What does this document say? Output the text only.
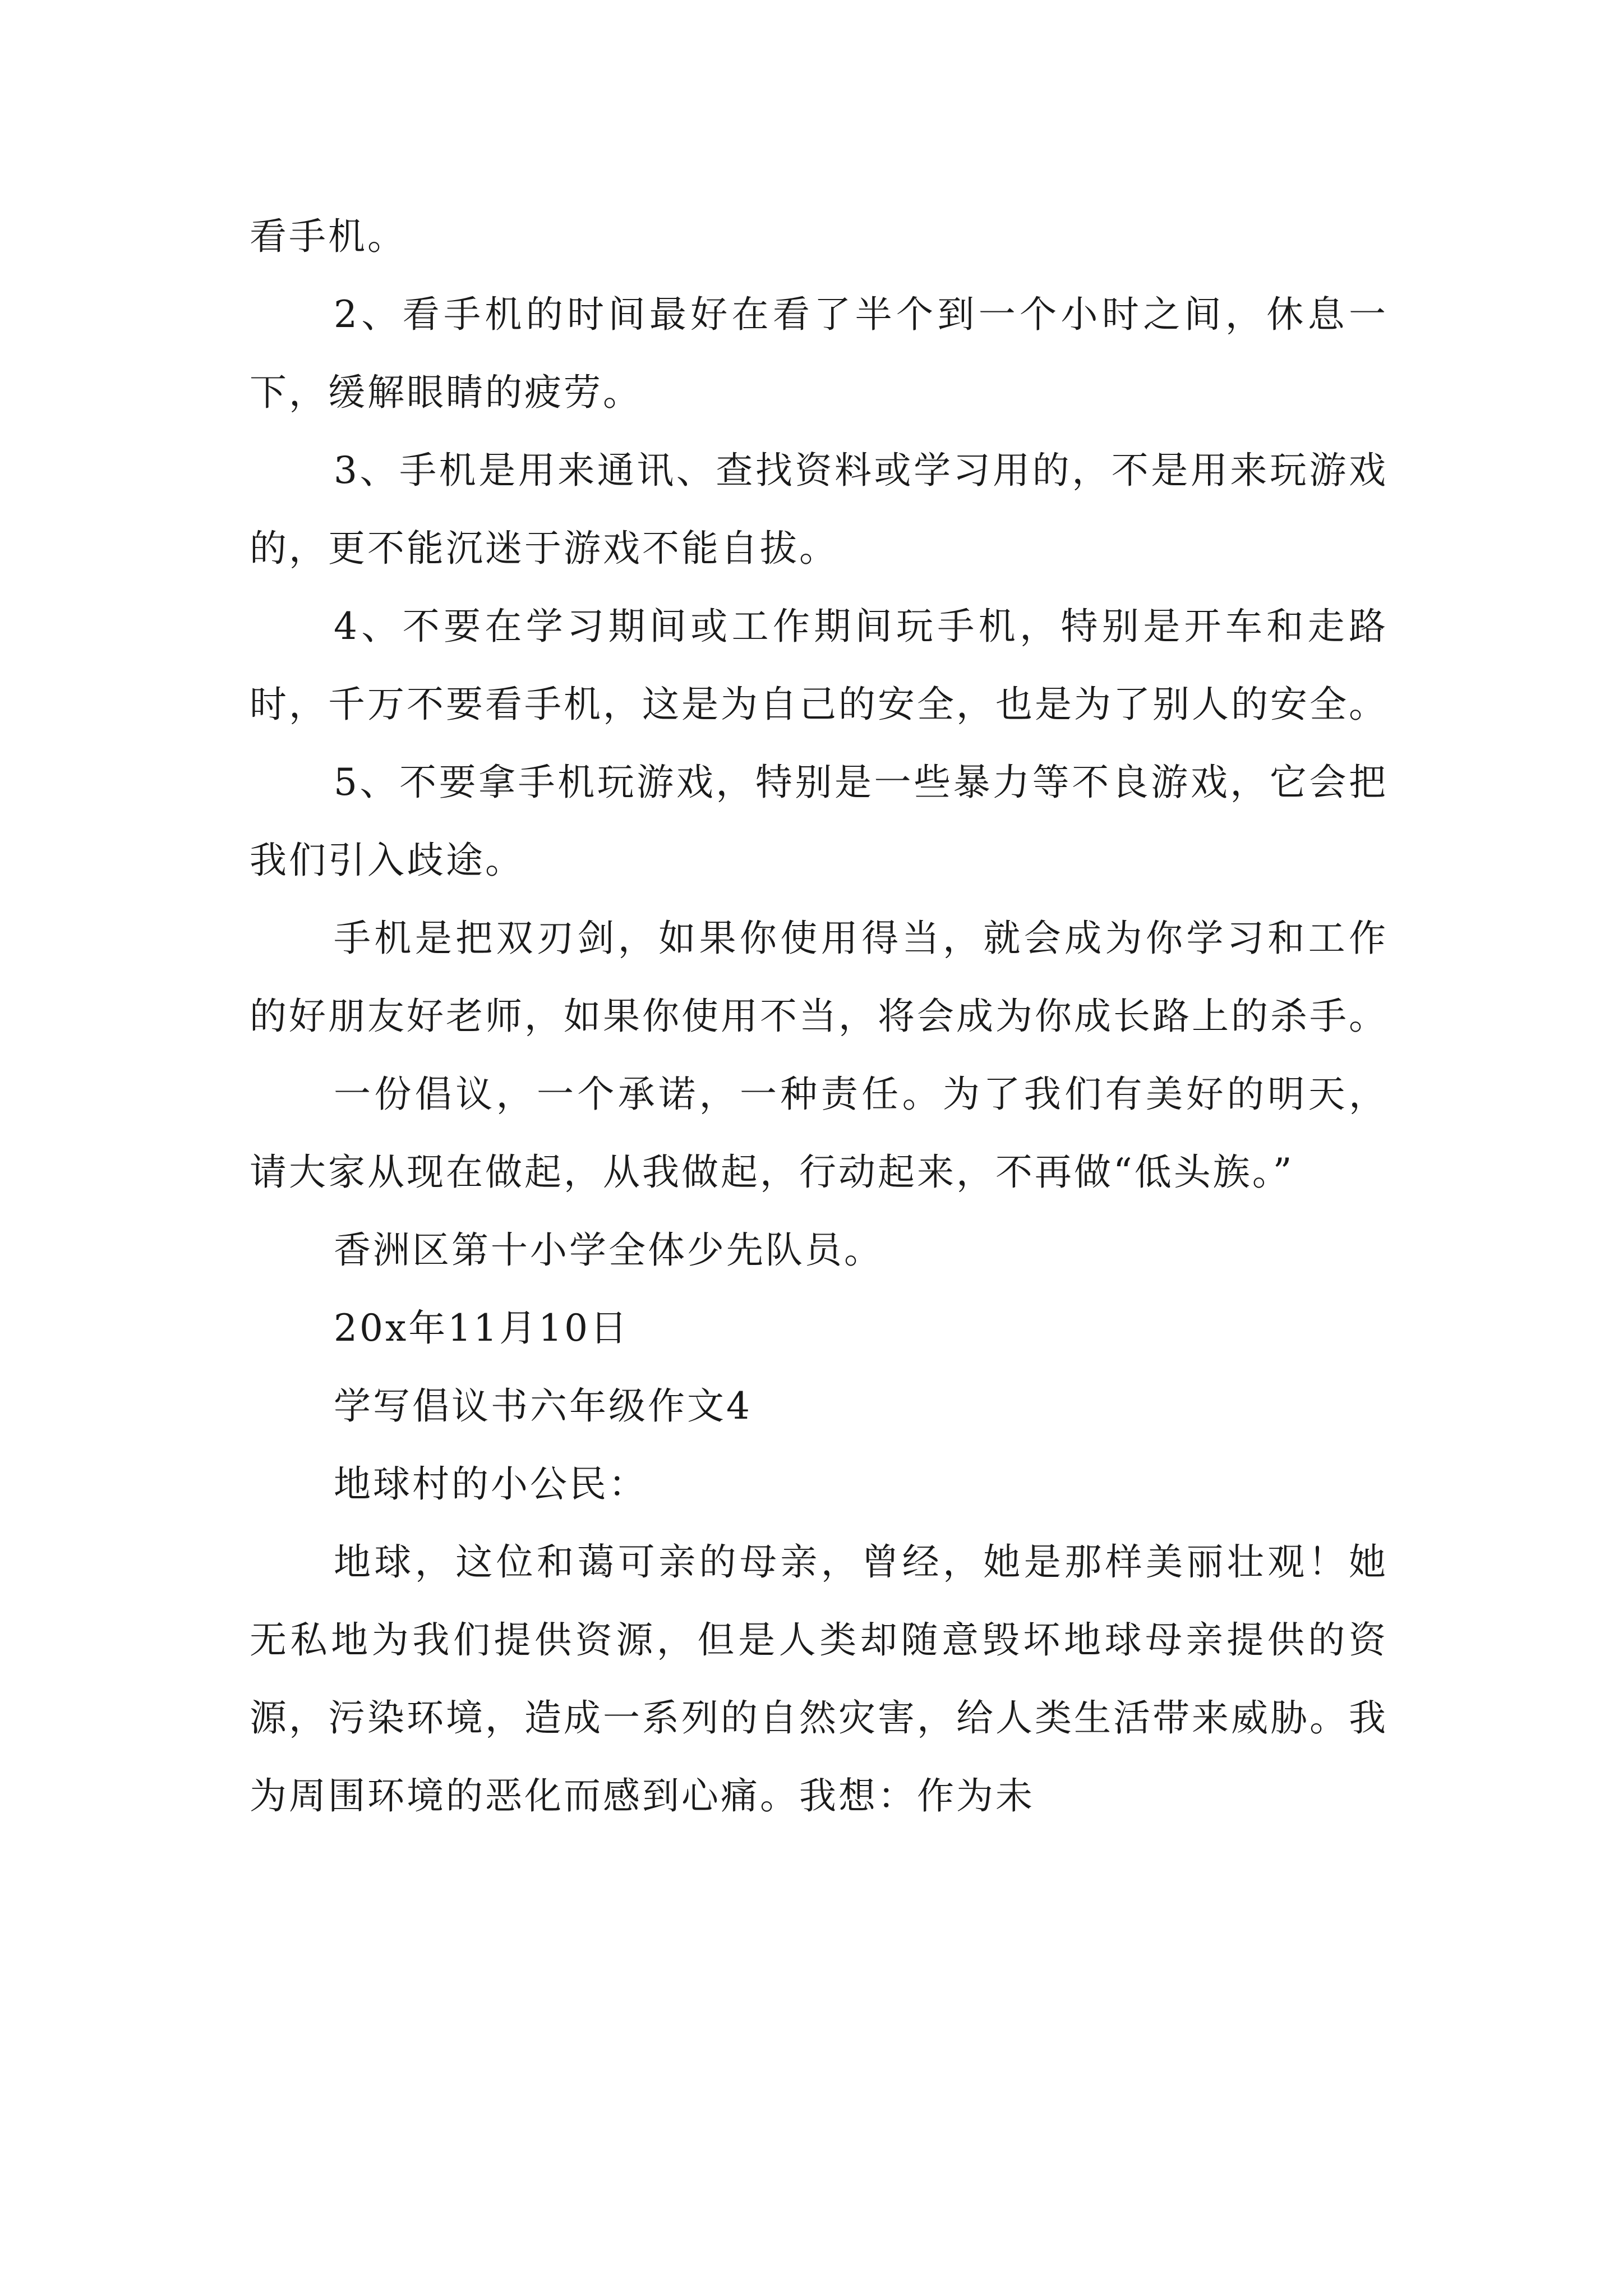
看手机。

2、看手机的时间最好在看了半个到一个小时之间，休息一下，缓解眼睛的疲劳。

3、手机是用来通讯、查找资料或学习用的，不是用来玩游戏的，更不能沉迷于游戏不能自拔。

4、不要在学习期间或工作期间玩手机，特别是开车和走路时，千万不要看手机，这是为自己的安全，也是为了别人的安全。

5、不要拿手机玩游戏，特别是一些暴力等不良游戏，它会把我们引入歧途。

手机是把双刃剑，如果你使用得当，就会成为你学习和工作的好朋友好老师，如果你使用不当，将会成为你成长路上的杀手。

一份倡议，一个承诺，一种责任。为了我们有美好的明天，请大家从现在做起，从我做起，行动起来，不再做“低头族。”

香洲区第十小学全体少先队员。

20x年11月10日

学写倡议书六年级作文4

地球村的小公民：

地球，这位和蔼可亲的母亲，曾经，她是那样美丽壮观！她无私地为我们提供资源，但是人类却随意毁坏地球母亲提供的资源，污染环境，造成一系列的自然灾害，给人类生活带来威胁。我为周围环境的恶化而感到心痛。我想：作为未
